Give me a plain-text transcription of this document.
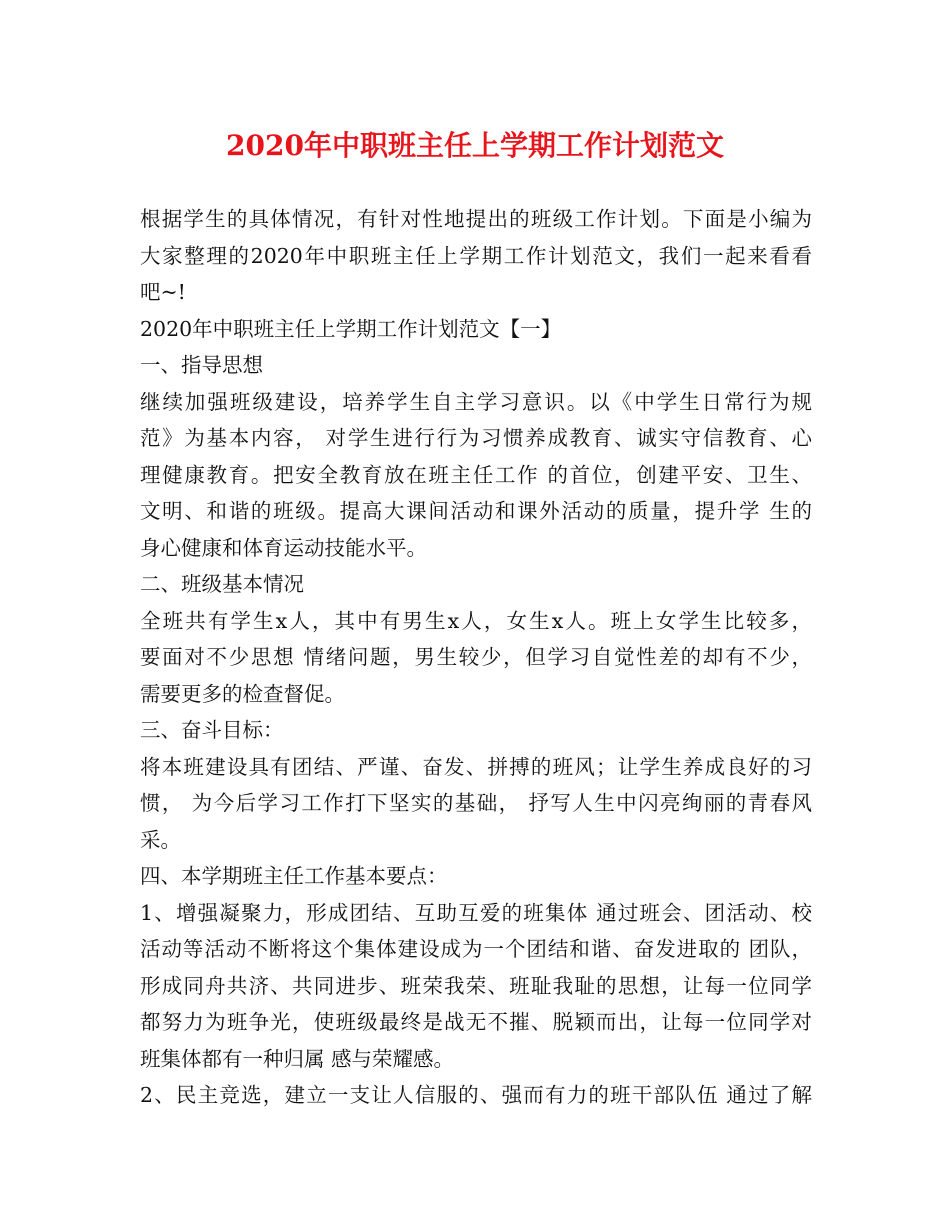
2020年中职班主任上学期工作计划范文
根据学生的具体情况，有针对性地提出的班级工作计划。下面是小编为
大家整理的2020年中职班主任上学期工作计划范文，我们一起来看看
吧~!
2020年中职班主任上学期工作计划范文【一】
一、指导思想
继续加强班级建设，培养学生自主学习意识。以《中学生日常行为规
范》为基本内容， 对学生进行行为习惯养成教育、诚实守信教育、心
理健康教育。把安全教育放在班主任工作 的首位，创建平安、卫生、
文明、和谐的班级。提高大课间活动和课外活动的质量，提升学 生的
身心健康和体育运动技能水平。
二、班级基本情况
全班共有学生x人，其中有男生x人，女生x人。班上女学生比较多，
要面对不少思想 情绪问题，男生较少，但学习自觉性差的却有不少，
需要更多的检查督促。
三、奋斗目标：
将本班建设具有团结、严谨、奋发、拼搏的班风；让学生养成良好的习
惯， 为今后学习工作打下坚实的基础， 抒写人生中闪亮绚丽的青春风
采。
四、本学期班主任工作基本要点：
1、增强凝聚力，形成团结、互助互爱的班集体 通过班会、团活动、校
活动等活动不断将这个集体建设成为一个团结和谐、奋发进取的 团队，
形成同舟共济、共同进步、班荣我荣、班耻我耻的思想，让每一位同学
都努力为班争光，使班级最终是战无不摧、脱颖而出，让每一位同学对
班集体都有一种归属 感与荣耀感。
2、民主竞选，建立一支让人信服的、强而有力的班干部队伍 通过了解
